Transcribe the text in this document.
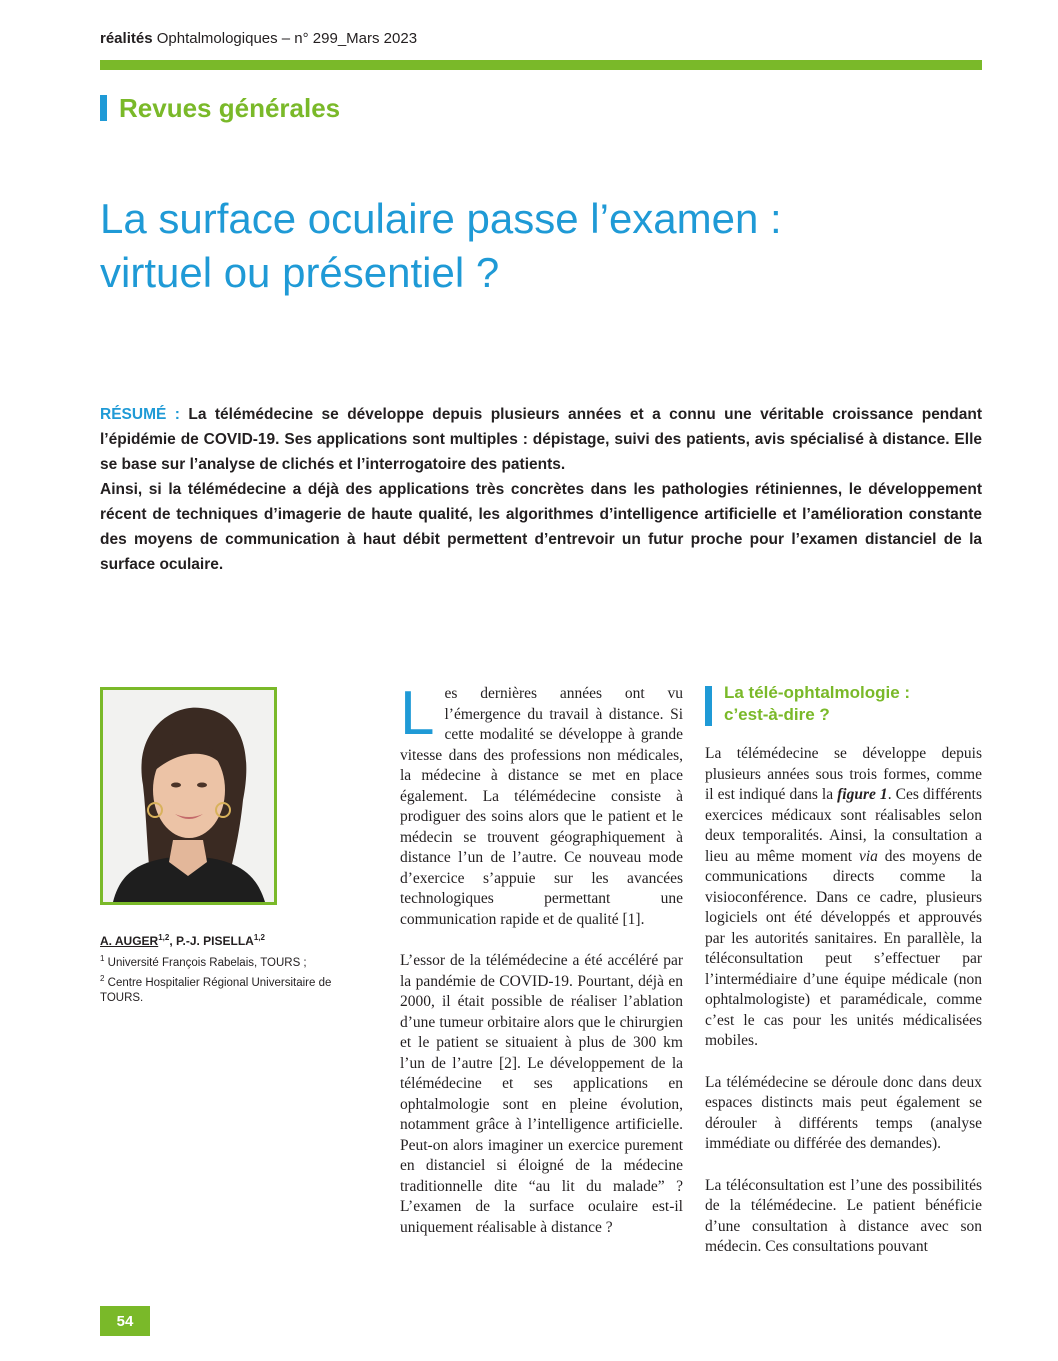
réalités Ophtalmologiques – n° 299_Mars 2023
Revues générales
La surface oculaire passe l’examen :
virtuel ou présentiel ?

RÉSUMÉ : La télémédecine se développe depuis plusieurs années et a connu une véritable croissance pendant l’épidémie de COVID-19. Ses applications sont multiples : dépistage, suivi des patients, avis spécialisé à distance. Elle se base sur l’analyse de clichés et l’interrogatoire des patients.

Ainsi, si la télémédecine a déjà des applications très concrètes dans les pathologies rétiniennes, le développement récent de techniques d’imagerie de haute qualité, les algorithmes d’intelligence artificielle et l’amélioration constante des moyens de communication à haut débit permettent d’entrevoir un futur proche pour l’examen distanciel de la surface oculaire.

A. AUGER$^{1,2}$, P.-J. PISELLA$^{1,2}$
$^1$ Université François Rabelais, TOURS ;
$^2$ Centre Hospitalier Régional Universitaire de TOURS.

Les dernières années ont vu l’émergence du travail à distance. Si cette modalité se développe à grande vitesse dans des professions non médicales, la médecine à distance se met en place également. La télémédecine consiste à prodiguer des soins alors que le patient et le médecin se trouvent géographiquement à distance l’un de l’autre. Ce nouveau mode d’exercice s’appuie sur les avancées technologiques permettant une communication rapide et de qualité [1].

L’essor de la télémédecine a été accéléré par la pandémie de COVID-19. Pourtant, déjà en 2000, il était possible de réaliser l’ablation d’une tumeur orbitaire alors que le chirurgien et le patient se situaient à plus de 300 km l’un de l’autre [2]. Le développement de la télémédecine et ses applications en ophtalmologie sont en pleine évolution, notamment grâce à l’intelligence artificielle. Peut-on alors imaginer un exercice purement en distanciel si éloigné de la médecine traditionnelle dite “au lit du malade” ? L’examen de la surface oculaire est-il uniquement réalisable à distance ?

La télé-ophtalmologie :
c’est-à-dire ?

La télémédecine se développe depuis plusieurs années sous trois formes, comme il est indiqué dans la figure 1. Ces différents exercices médicaux sont réalisables selon deux temporalités. Ainsi, la consultation a lieu au même moment via des moyens de communications directs comme la visioconférence. Dans ce cadre, plusieurs logiciels ont été développés et approuvés par les autorités sanitaires. En parallèle, la téléconsultation peut s’effectuer par l’intermédiaire d’une équipe médicale (non ophtalmologiste) et paramédicale, comme c’est le cas pour les unités médicalisées mobiles.

La télémédecine se déroule donc dans deux espaces distincts mais peut également se dérouler à différents temps (analyse immédiate ou différée des demandes).

La téléconsultation est l’une des possibilités de la télémédecine. Le patient bénéficie d’une consultation à distance avec son médecin. Ces consultations pouvant

54
